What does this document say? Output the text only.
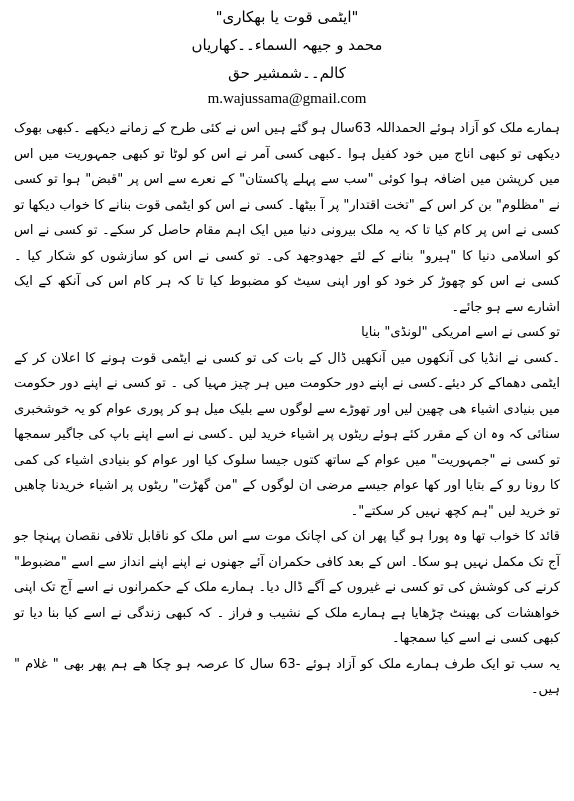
"ایٹمی قوت یا بھکاری"
محمد و جیھہ السماء۔۔کھاریاں
کالم۔۔شمشیر حق
m.wajussama@gmail.com

ہمارے ملک کو آزاد ہوئے الحمداللہ 63سال ہو گئے ہیں اس نے کئی طرح کے زمانے دیکھے ۔کبھی بھوک دیکھی تو کبھی اناج میں خود کفیل ہوا ۔کبھی کسی آمر نے اس کو لوٹا تو کبھی جمہوریت میں اس میں کرپشن میں اضافہ ہوا کوئی "سب سے پہلے پاکستان" کے نعرے سے اس پر "قبض" ہوا تو کسی نے "مظلوم" بن کر اس کے "تخت اقتدار" پر آ بیٹھا۔ کسی نے اس کو ایٹمی قوت بنانے کا خواب دیکھا تو کسی نے اس پر کام کیا تا کہ یہ ملک بیرونی دنیا میں ایک اہم مقام حاصل کر سکے۔ تو کسی نے اس کو اسلامی دنیا کا "ہیرو" بنانے کے لئے جھدوجھد کی۔ تو کسی نے اس کو سازشوں کو شکار کیا ۔ کسی نے اس کو چھوڑ کر خود کو اور اپنی سیٹ کو مضبوط کیا تا کہ ہر کام اس کی آنکھ کے ایک اشارے سے ہو جائے۔

تو کسی نے اسے امریکی "لونڈی" بنایا

۔کسی نے انڈیا کی آنکھوں میں آنکھیں ڈال کے بات کی تو کسی نے ایٹمی قوت ہونے کا اعلان کر کے ایٹمی دھماکے کر دیئے۔کسی نے اپنے دور حکومت میں ہر چیز مہیا کی ۔ تو کسی نے اپنے دور حکومت میں بنیادی اشیاء ھی چھین لیں اور تھوڑے سے لوگوں سے بلیک میل ہو کر پوری عوام کو یہ خوشخبری سنائی کہ وہ ان کے مقرر کئے ہوئے ریٹوں پر اشیاء خرید لیں ۔کسی نے اسے اپنے باپ کی جاگیر سمجھا تو کسی نے "جمہوریت" میں عوام کے ساتھ کتوں جیسا سلوک کیا اور عوام کو بنیادی اشیاء کی کمی کا رونا رو کے بتایا اور کھا عوام جیسے مرضی ان لوگوں کے "من گھڑت" ریٹوں پر اشیاء خریدنا چاھیں تو خرید لیں "ہم کچھ نہیں کر سکتے"۔

قائد کا خواب تھا وہ پورا ہو گیا پھر ان کی اچانک موت سے اس ملک کو ناقابل تلافی نقصان پہنچا جو آج تک مکمل نہیں ہو سکا۔ اس کے بعد کافی حکمران آئے جھنوں نے اپنے اپنے انداز سے اسے "مضبوط" کرنے کی کوشش کی تو کسی نے غیروں کے آگے ڈال دیا۔ ہمارے ملک کے حکمرانوں نے اسے آج تک اپنی خواھشات کی بھینٹ چڑھایا ہے ہمارے ملک کے نشیب و فراز ۔ کہ کبھی زندگی نے اسے کیا بنا دیا تو کبھی کسی نے اسے کیا سمجھا۔

یہ سب تو ایک طرف ہمارے ملک کو آزاد ہوئے -63 سال کا عرصہ ہو چکا ھے ہم پھر بھی " غلام " ہیں۔
